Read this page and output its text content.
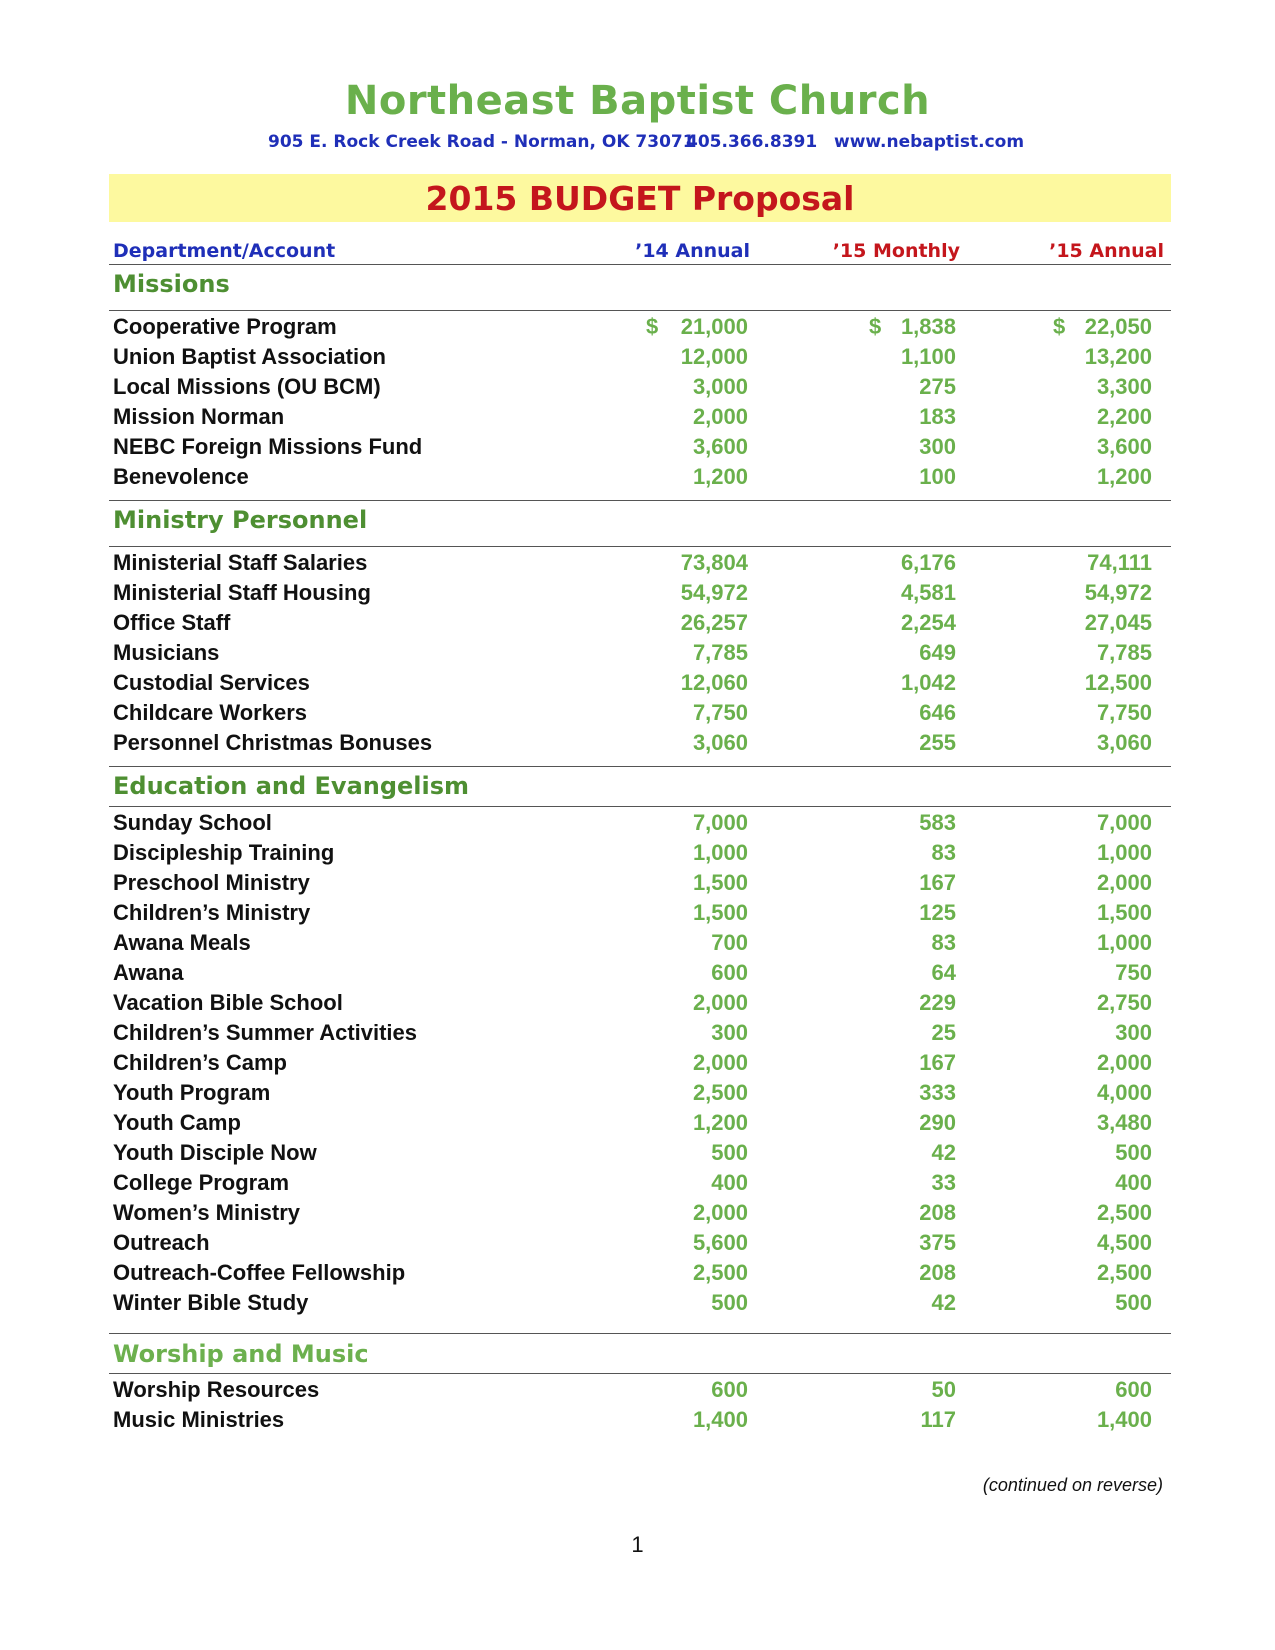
Northeast Baptist Church
905 E. Rock Creek Road - Norman, OK 73071
405.366.8391 www.nebaptist.com
2015 BUDGET Proposal
Department/Account	’14 Annual	’15 Monthly	’15 Annual
Missions
Cooperative Program	$ 21,000	$ 1,838	$ 22,050
Union Baptist Association	12,000	1,100	13,200
Local Missions (OU BCM)	3,000	275	3,300
Mission Norman	2,000	183	2,200
NEBC Foreign Missions Fund	3,600	300	3,600
Benevolence	1,200	100	1,200
Ministry Personnel
Ministerial Staff Salaries	73,804	6,176	74,111
Ministerial Staff Housing	54,972	4,581	54,972
Office Staff	26,257	2,254	27,045
Musicians	7,785	649	7,785
Custodial Services	12,060	1,042	12,500
Childcare Workers	7,750	646	7,750
Personnel Christmas Bonuses	3,060	255	3,060
Education and Evangelism
Sunday School	7,000	583	7,000
Discipleship Training	1,000	83	1,000
Preschool Ministry	1,500	167	2,000
Children’s Ministry	1,500	125	1,500
Awana Meals	700	83	1,000
Awana	600	64	750
Vacation Bible School	2,000	229	2,750
Children’s Summer Activities	300	25	300
Children’s Camp	2,000	167	2,000
Youth Program	2,500	333	4,000
Youth Camp	1,200	290	3,480
Youth Disciple Now	500	42	500
College Program	400	33	400
Women’s Ministry	2,000	208	2,500
Outreach	5,600	375	4,500
Outreach-Coffee Fellowship	2,500	208	2,500
Winter Bible Study	500	42	500
Worship and Music
Worship Resources	600	50	600
Music Ministries	1,400	117	1,400
(continued on reverse)
1
